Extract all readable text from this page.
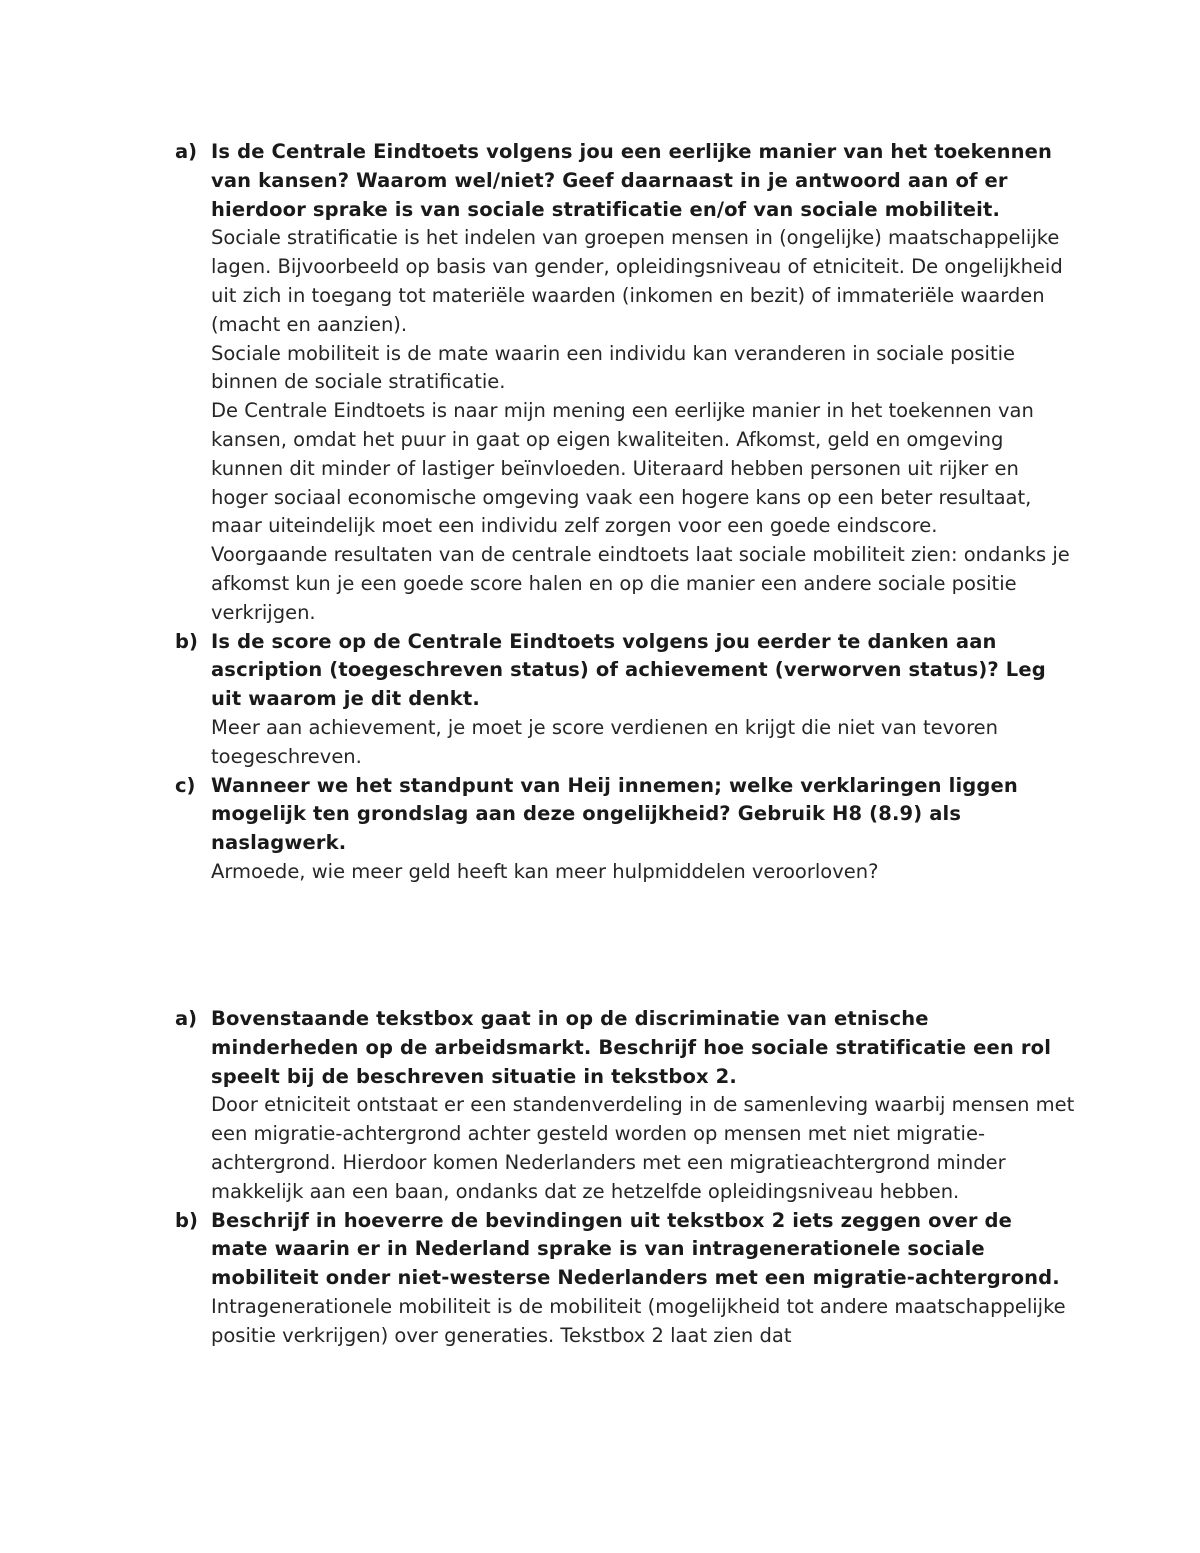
a) Is de Centrale Eindtoets volgens jou een eerlijke manier van het toekennen van kansen? Waarom wel/niet? Geef daarnaast in je antwoord aan of er hierdoor sprake is van sociale stratificatie en/of van sociale mobiliteit.

Sociale stratificatie is het indelen van groepen mensen in (ongelijke) maatschappelijke lagen. Bijvoorbeeld op basis van gender, opleidingsniveau of etniciteit. De ongelijkheid uit zich in toegang tot materiële waarden (inkomen en bezit) of immateriële waarden (macht en aanzien).

Sociale mobiliteit is de mate waarin een individu kan veranderen in sociale positie binnen de sociale stratificatie.

De Centrale Eindtoets is naar mijn mening een eerlijke manier in het toekennen van kansen, omdat het puur in gaat op eigen kwaliteiten. Afkomst, geld en omgeving kunnen dit minder of lastiger beïnvloeden. Uiteraard hebben personen uit rijker en hoger sociaal economische omgeving vaak een hogere kans op een beter resultaat, maar uiteindelijk moet een individu zelf zorgen voor een goede eindscore.

Voorgaande resultaten van de centrale eindtoets laat sociale mobiliteit zien: ondanks je afkomst kun je een goede score halen en op die manier een andere sociale positie verkrijgen.

b) Is de score op de Centrale Eindtoets volgens jou eerder te danken aan ascription (toegeschreven status) of achievement (verworven status)? Leg uit waarom je dit denkt.

Meer aan achievement, je moet je score verdienen en krijgt die niet van tevoren toegeschreven.

c) Wanneer we het standpunt van Heij innemen; welke verklaringen liggen mogelijk ten grondslag aan deze ongelijkheid? Gebruik H8 (8.9) als naslagwerk.

Armoede, wie meer geld heeft kan meer hulpmiddelen veroorloven?

a) Bovenstaande tekstbox gaat in op de discriminatie van etnische minderheden op de arbeidsmarkt. Beschrijf hoe sociale stratificatie een rol speelt bij de beschreven situatie in tekstbox 2.

Door etniciteit ontstaat er een standenverdeling in de samenleving waarbij mensen met een migratie-achtergrond achter gesteld worden op mensen met niet migratie-achtergrond. Hierdoor komen Nederlanders met een migratieachtergrond minder makkelijk aan een baan, ondanks dat ze hetzelfde opleidingsniveau hebben.

b) Beschrijf in hoeverre de bevindingen uit tekstbox 2 iets zeggen over de mate waarin er in Nederland sprake is van intragenerationele sociale mobiliteit onder niet-westerse Nederlanders met een migratie-achtergrond.

Intragenerationele mobiliteit is de mobiliteit (mogelijkheid tot andere maatschappelijke positie verkrijgen) over generaties. Tekstbox 2 laat zien dat
